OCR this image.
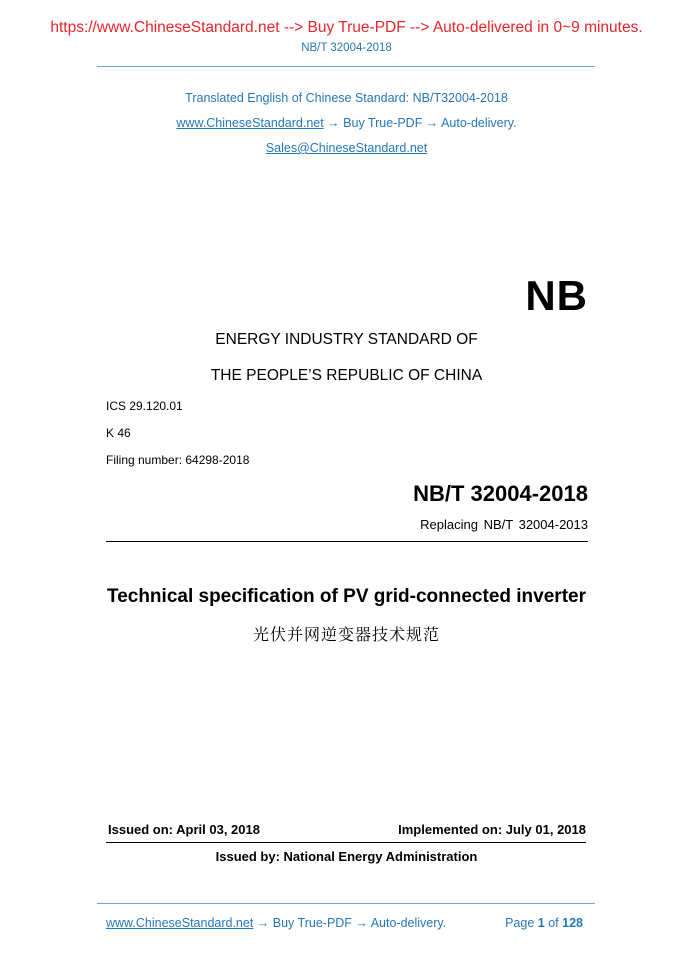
https://www.ChineseStandard.net --> Buy True-PDF --> Auto-delivered in 0~9 minutes.
NB/T 32004-2018
Translated English of Chinese Standard: NB/T32004-2018
www.ChineseStandard.net → Buy True-PDF → Auto-delivery.
Sales@ChineseStandard.net
NB
ENERGY INDUSTRY STANDARD OF
THE PEOPLE’S REPUBLIC OF CHINA
ICS 29.120.01
K 46
Filing number: 64298-2018
NB/T 32004-2018
Replacing NB/T 32004-2013
Technical specification of PV grid-connected inverter
光伏并网逆变器技术规范
Issued on: April 03, 2018	Implemented on: July 01, 2018
Issued by: National Energy Administration
www.ChineseStandard.net → Buy True-PDF → Auto-delivery.	Page 1 of 128
